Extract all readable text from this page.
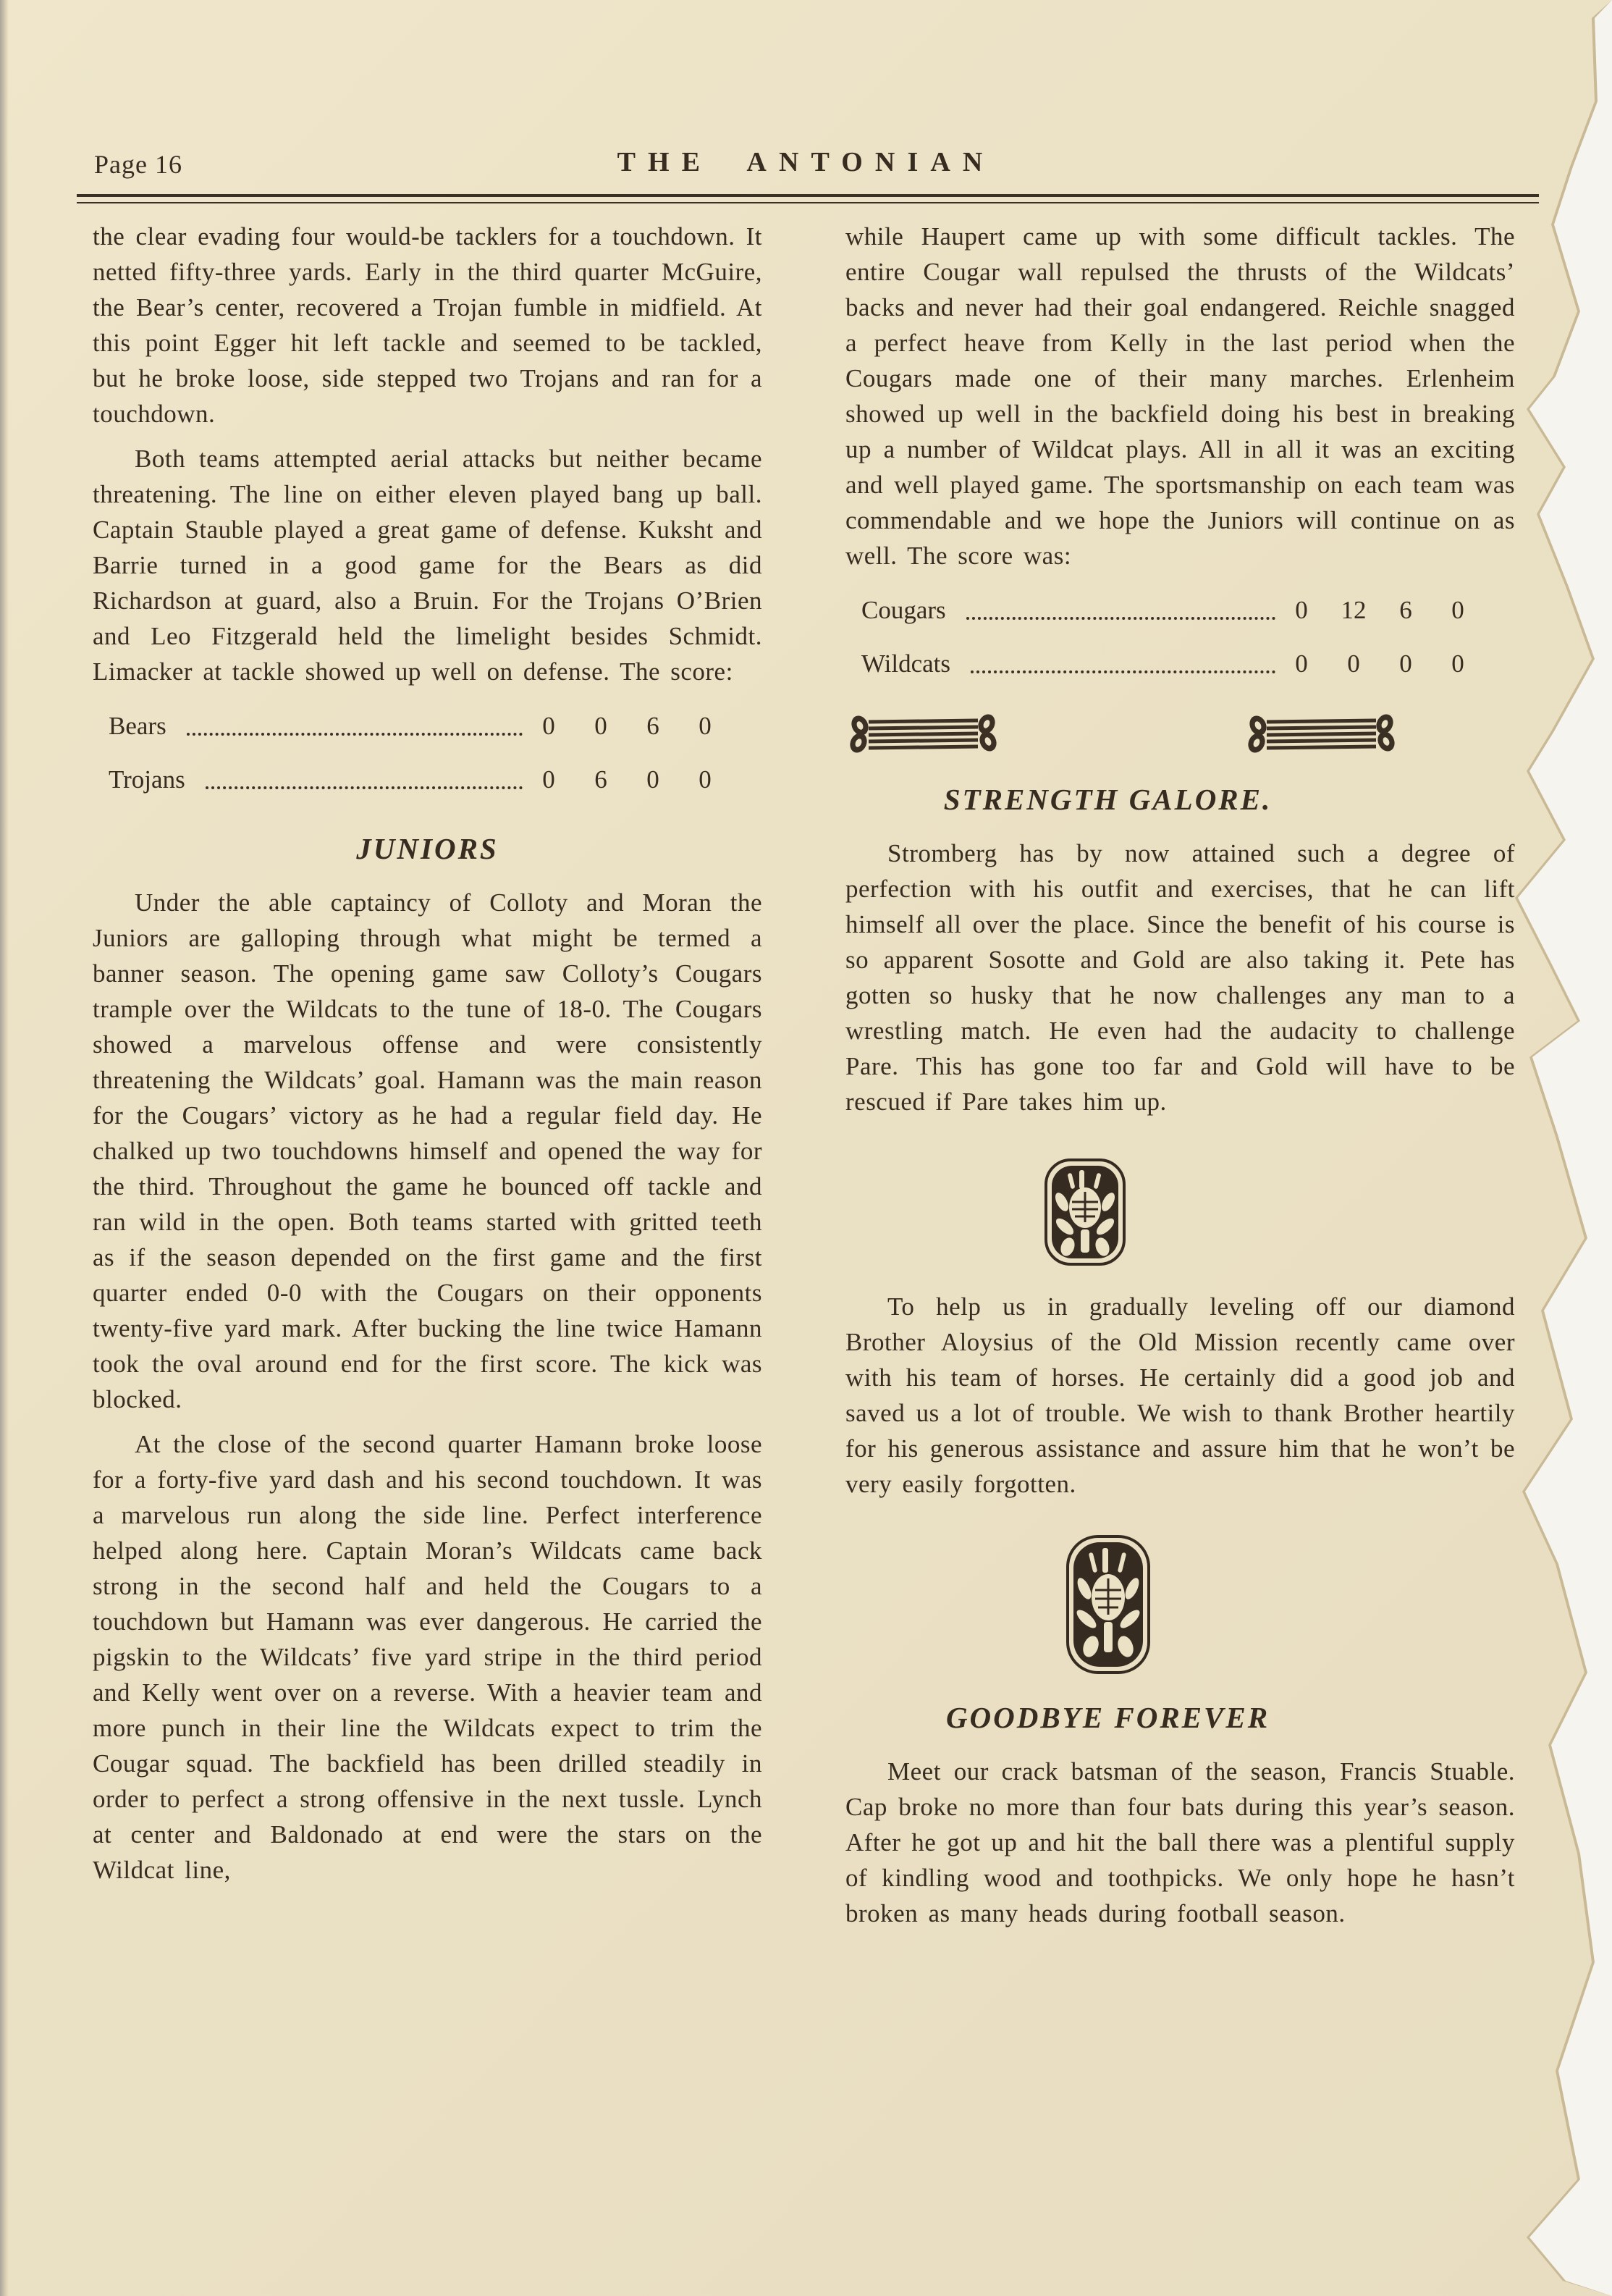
Page 16	THE ANTONIAN

the clear evading four would-be tacklers for a touchdown. It netted fifty-three yards. Early in the third quarter McGuire, the Bear’s center, recovered a Trojan fumble in midfield. At this point Egger hit left tackle and seemed to be tackled, but he broke loose, side stepped two Trojans and ran for a touchdown.

Both teams attempted aerial attacks but neither became threatening. The line on either eleven played bang up ball. Captain Stauble played a great game of defense. Kuksht and Barrie turned in a good game for the Bears as did Richardson at guard, also a Bruin. For the Trojans O’Brien and Leo Fitzgerald held the limelight besides Schmidt. Limacker at tackle showed up well on defense. The score:

Bears	0	0	6	0
Trojans	0	6	0	0
JUNIORS

Under the able captaincy of Colloty and Moran the Juniors are galloping through what might be termed a banner season. The opening game saw Colloty’s Cougars trample over the Wildcats to the tune of 18-0. The Cougars showed a marvelous offense and were consistently threatening the Wildcats’ goal. Hamann was the main reason for the Cougars’ victory as he had a regular field day. He chalked up two touchdowns himself and opened the way for the third. Throughout the game he bounced off tackle and ran wild in the open. Both teams started with gritted teeth as if the season depended on the first game and the first quarter ended 0-0 with the Cougars on their opponents twenty-five yard mark. After bucking the line twice Hamann took the oval around end for the first score. The kick was blocked.

At the close of the second quarter Hamann broke loose for a forty-five yard dash and his second touchdown. It was a marvelous run along the side line. Perfect interference helped along here. Captain Moran’s Wildcats came back strong in the second half and held the Cougars to a touchdown but Hamann was ever dangerous. He carried the pigskin to the Wildcats’ five yard stripe in the third period and Kelly went over on a reverse. With a heavier team and more punch in their line the Wildcats expect to trim the Cougar squad. The backfield has been drilled steadily in order to perfect a strong offensive in the next tussle. Lynch at center and Baldonado at end were the stars on the Wildcat line,

while Haupert came up with some difficult tackles. The entire Cougar wall repulsed the thrusts of the Wildcats’ backs and never had their goal endangered. Reichle snagged a perfect heave from Kelly in the last period when the Cougars made one of their many marches. Erlenheim showed up well in the backfield doing his best in breaking up a number of Wildcat plays. All in all it was an exciting and well played game. The sportsmanship on each team was commendable and we hope the Juniors will continue on as well. The score was:

Cougars	0	12	6	0
Wildcats	0	0	0	0
STRENGTH GALORE.

Stromberg has by now attained such a degree of perfection with his outfit and exercises, that he can lift himself all over the place. Since the benefit of his course is so apparent Sosotte and Gold are also taking it. Pete has gotten so husky that he now challenges any man to a wrestling match. He even had the audacity to challenge Pare. This has gone too far and Gold will have to be rescued if Pare takes him up.

To help us in gradually leveling off our diamond Brother Aloysius of the Old Mission recently came over with his team of horses. He certainly did a good job and saved us a lot of trouble. We wish to thank Brother heartily for his generous assistance and assure him that he won’t be very easily forgotten.

GOODBYE FOREVER

Meet our crack batsman of the season, Francis Stuable. Cap broke no more than four bats during this year’s season. After he got up and hit the ball there was a plentiful supply of kindling wood and toothpicks. We only hope he hasn’t broken as many heads during football season.
